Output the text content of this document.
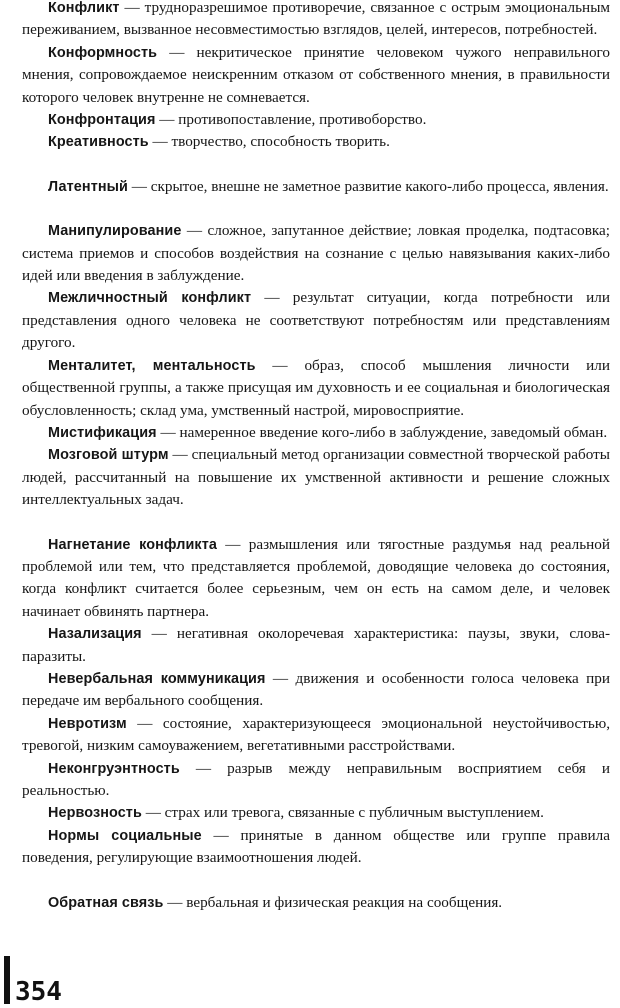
Конфликт — трудноразрешимое противоречие, связанное с острым эмоциональным переживанием, вызванное несовместимостью взглядов, целей, интересов, потребностей.

Конформность — некритическое принятие человеком чужого неправильного мнения, сопровождаемое неискренним отказом от собственного мнения, в правильности которого человек внутренне не сомневается.

Конфронтация — противопоставление, противоборство.

Креативность — творчество, способность творить.

Латентный — скрытое, внешне не заметное развитие какого-либо процесса, явления.

Манипулирование — сложное, запутанное действие; ловкая проделка, подтасовка; система приемов и способов воздействия на сознание с целью навязывания каких-либо идей или введения в заблуждение.

Межличностный конфликт — результат ситуации, когда потребности или представления одного человека не соответствуют потребностям или представлениям другого.

Менталитет, ментальность — образ, способ мышления личности или общественной группы, а также присущая им духовность и ее социальная и биологическая обусловленность; склад ума, умственный настрой, мировосприятие.

Мистификация — намеренное введение кого-либо в заблуждение, заведомый обман.

Мозговой штурм — специальный метод организации совместной творческой работы людей, рассчитанный на повышение их умственной активности и решение сложных интеллектуальных задач.

Нагнетание конфликта — размышления или тягостные раздумья над реальной проблемой или тем, что представляется проблемой, доводящие человека до состояния, когда конфликт считается более серьезным, чем он есть на самом деле, и человек начинает обвинять партнера.

Назализация — негативная околоречевая характеристика: паузы, звуки, слова-паразиты.

Невербальная коммуникация — движения и особенности голоса человека при передаче им вербального сообщения.

Невротизм — состояние, характеризующееся эмоциональной неустойчивостью, тревогой, низким самоуважением, вегетативными расстройствами.

Неконгруэнтность — разрыв между неправильным восприятием себя и реальностью.

Нервозность — страх или тревога, связанные с публичным выступлением.

Нормы социальные — принятые в данном обществе или группе правила поведения, регулирующие взаимоотношения людей.

Обратная связь — вербальная и физическая реакция на сообщения.

354
